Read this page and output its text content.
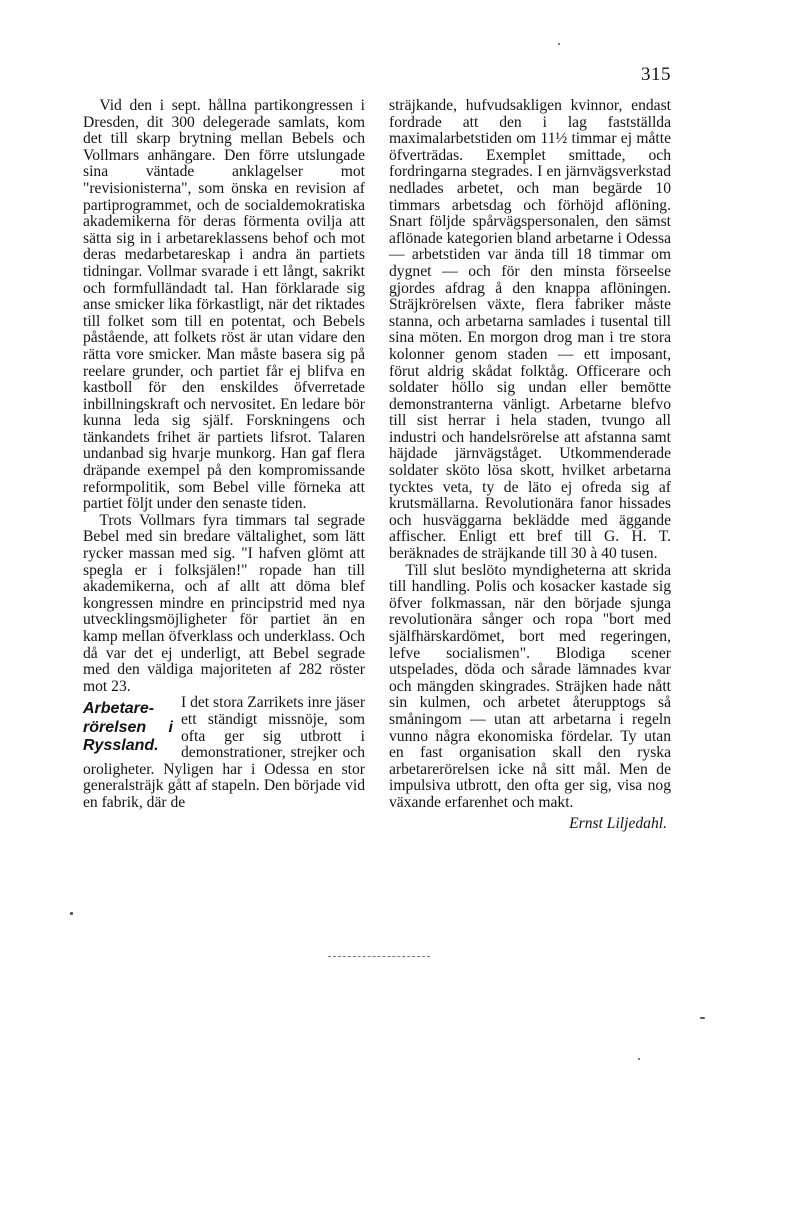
315

Vid den i sept. hållna partikongressen i Dresden, dit 300 delegerade samlats, kom det till skarp brytning mellan Bebels och Vollmars anhängare. Den förre utslungade sina väntade anklagelser mot "revisionisterna", som önska en revision af partiprogrammet, och de socialdemokratiska akademikerna för deras förmenta ovilja att sätta sig in i arbetareklassens behof och mot deras medarbetareskap i andra än partiets tidningar. Vollmar svarade i ett långt, sakrikt och formfulländadt tal. Han förklarade sig anse smicker lika förkastligt, när det riktades till folket som till en potentat, och Bebels påstående, att folkets röst är utan vidare den rätta vore smicker. Man måste basera sig på reelare grunder, och partiet får ej blifva en kastboll för den enskildes öfverretade inbillningskraft och nervositet. En ledare bör kunna leda sig själf. Forskningens och tänkandets frihet är partiets lifsrot. Talaren undanbad sig hvarje munkorg. Han gaf flera dräpande exempel på den kompromissande reformpolitik, som Bebel ville förneka att partiet följt under den senaste tiden.

Trots Vollmars fyra timmars tal segrade Bebel med sin bredare vältalighet, som lätt rycker massan med sig. "I hafven glömt att spegla er i folksjälen!" ropade han till akademikerna, och af allt att döma blef kongressen mindre en principstrid med nya utvecklingsmöjligheter för partiet än en kamp mellan öfverklass och underklass. Och då var det ej underligt, att Bebel segrade med den väldiga majoriteten af 282 röster mot 23.

Arbetare-rörelsen i Ryssland.

I det stora Zarrikets inre jäser ett ständigt missnöje, som ofta ger sig utbrott i demonstrationer, strejker och oroligheter. Nyligen har i Odessa en stor generalsträjk gått af stapeln. Den började vid en fabrik, där de

sträjkande, hufvudsakligen kvinnor, endast fordrade att den i lag fastställda maximalarbetstiden om 11½ timmar ej måtte öfverträdas. Exemplet smittade, och fordringarna stegrades. I en järnvägsverkstad nedlades arbetet, och man begärde 10 timmars arbetsdag och förhöjd aflöning. Snart följde spårvägspersonalen, den sämst aflönade kategorien bland arbetarne i Odessa — arbetstiden var ända till 18 timmar om dygnet — och för den minsta förseelse gjordes afdrag å den knappa aflöningen. Sträjkrörelsen växte, flera fabriker måste stanna, och arbetarna samlades i tusental till sina möten. En morgon drog man i tre stora kolonner genom staden — ett imposant, förut aldrig skådat folktåg. Officerare och soldater höllo sig undan eller bemötte demonstranterna vänligt. Arbetarne blefvo till sist herrar i hela staden, tvungo all industri och handelsrörelse att afstanna samt häjdade järnvägståget. Utkommenderade soldater sköto lösa skott, hvilket arbetarna tycktes veta, ty de läto ej ofreda sig af krutsmällarna. Revolutionära fanor hissades och husväggarna beklädde med äggande affischer. Enligt ett bref till G. H. T. beräknades de sträjkande till 30 à 40 tusen.

Till slut beslöto myndigheterna att skrida till handling. Polis och kosacker kastade sig öfver folkmassan, när den började sjunga revolutionära sånger och ropa "bort med själfhärskardömet, bort med regeringen, lefve socialismen". Blodiga scener utspelades, döda och sårade lämnades kvar och mängden skingrades. Sträjken hade nått sin kulmen, och arbetet återupptogs så småningom — utan att arbetarna i regeln vunno några ekonomiska fördelar. Ty utan en fast organisation skall den ryska arbetarerörelsen icke nå sitt mål. Men de impulsiva utbrott, den ofta ger sig, visa nog växande erfarenhet och makt.

Ernst Liljedahl.
